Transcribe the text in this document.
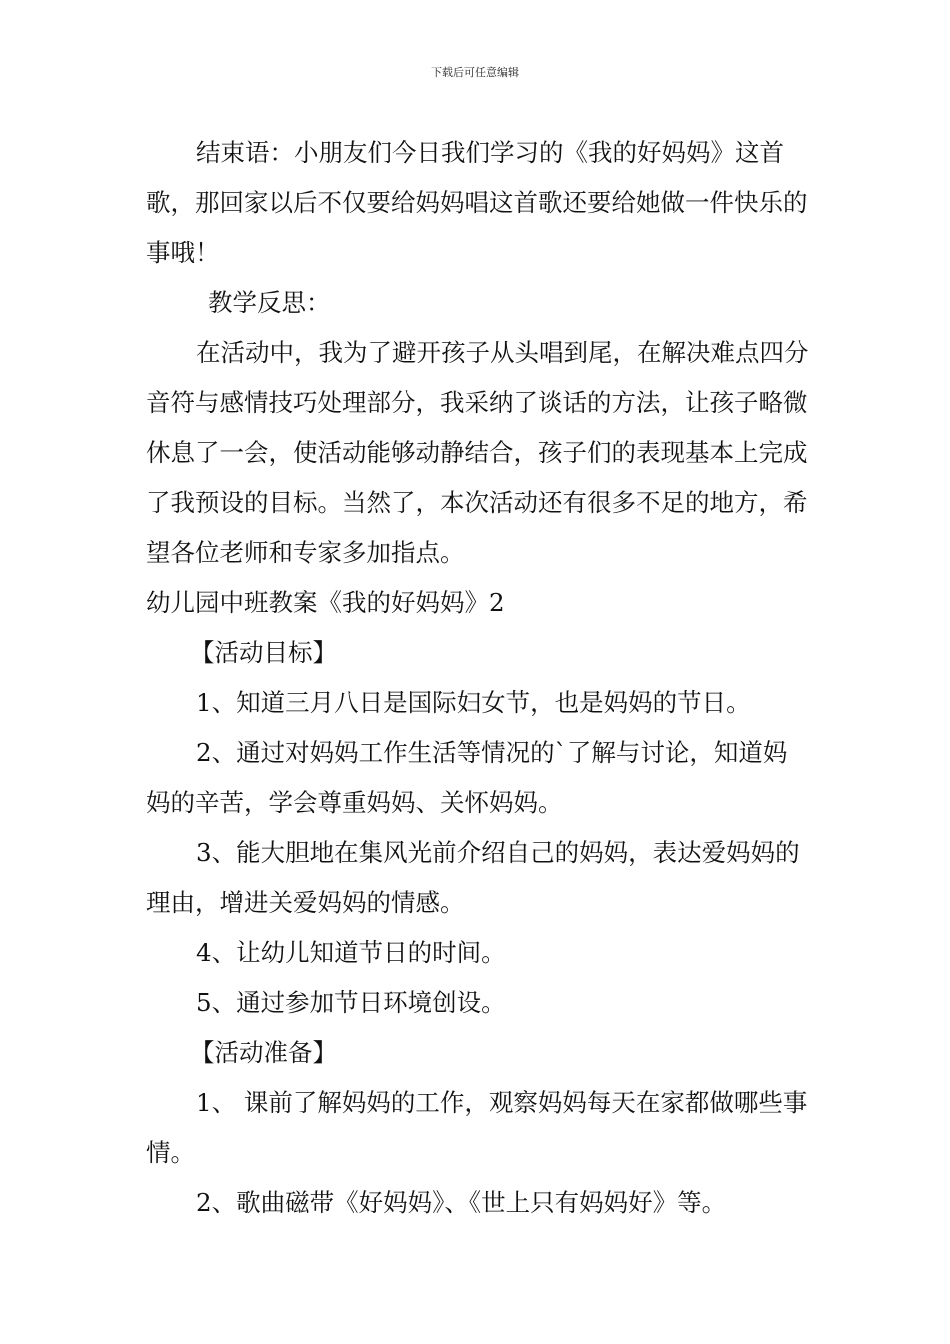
下载后可任意编辑

结束语：小朋友们今日我们学习的《我的好妈妈》这首歌，那回家以后不仅要给妈妈唱这首歌还要给她做一件快乐的事哦！

教学反思：

在活动中，我为了避开孩子从头唱到尾，在解决难点四分音符与感情技巧处理部分，我采纳了谈话的方法，让孩子略微休息了一会，使活动能够动静结合，孩子们的表现基本上完成了我预设的目标。当然了，本次活动还有很多不足的地方，希望各位老师和专家多加指点。

幼儿园中班教案《我的好妈妈》2

【活动目标】

1、知道三月八日是国际妇女节，也是妈妈的节日。

2、通过对妈妈工作生活等情况的`了解与讨论，知道妈妈的辛苦，学会尊重妈妈、关怀妈妈。

3、能大胆地在集风光前介绍自己的妈妈，表达爱妈妈的理由，增进关爱妈妈的情感。

4、让幼儿知道节日的时间。

5、通过参加节日环境创设。

【活动准备】

1、 课前了解妈妈的工作，观察妈妈每天在家都做哪些事情。

2、歌曲磁带《好妈妈》、《世上只有妈妈好》等。
